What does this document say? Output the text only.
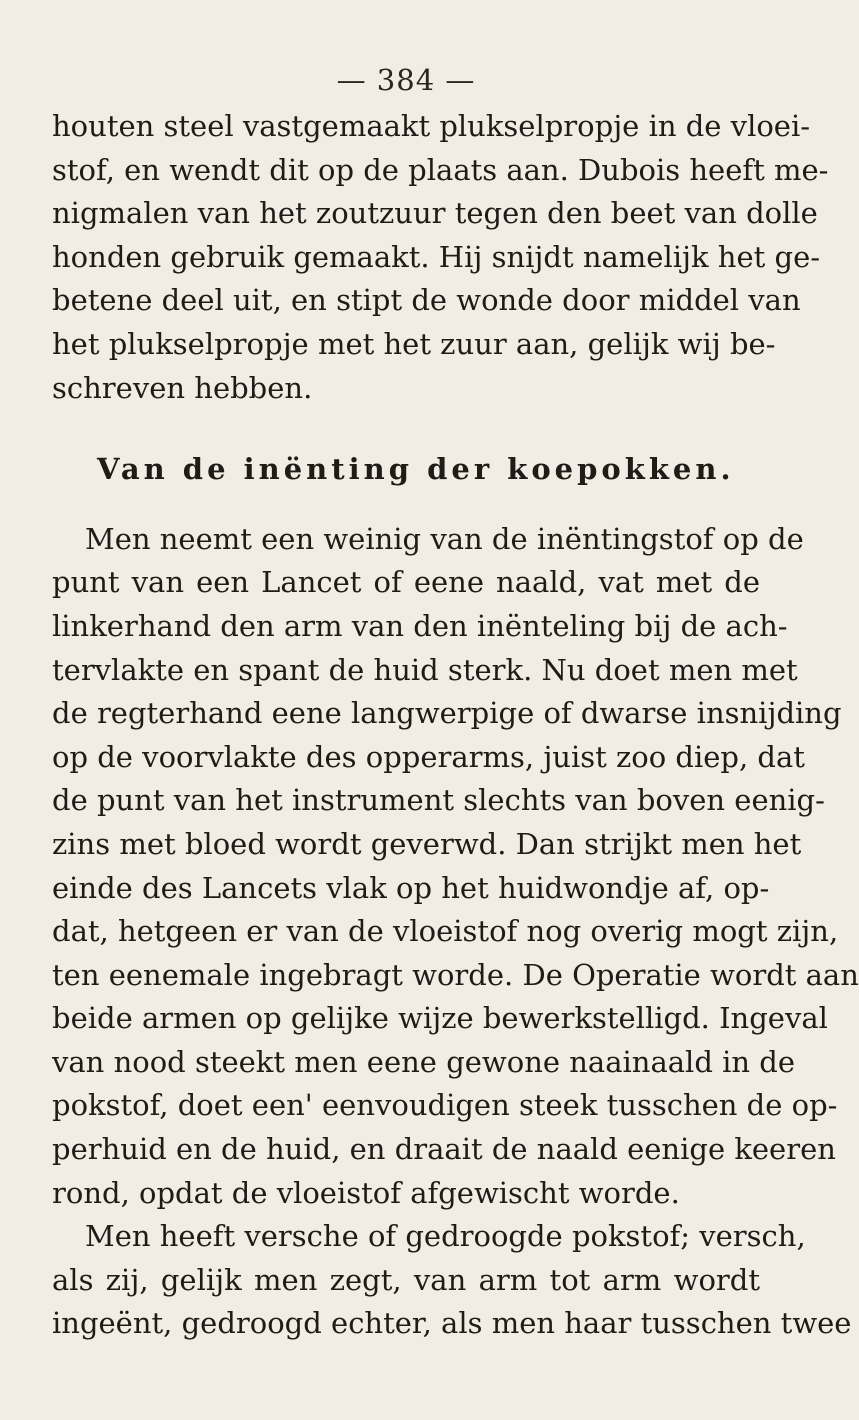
— 384 —
houten steel vastgemaakt plukselpropje in de vloei-
stof, en wendt dit op de plaats aan. Dubois heeft me-
nigmalen van het zoutzuur tegen den beet van dolle
honden gebruik gemaakt. Hij snijdt namelijk het ge-
betene deel uit, en stipt de wonde door middel van
het plukselpropje met het zuur aan, gelijk wij be-
schreven hebben.
Van de inënting der koepokken.
Men neemt een weinig van de inëntingstof op de
punt van een Lancet of eene naald, vat met de
linkerhand den arm van den inënteling bij de ach-
tervlakte en spant de huid sterk. Nu doet men met
de regterhand eene langwerpige of dwarse insnijding
op de voorvlakte des opperarms, juist zoo diep, dat
de punt van het instrument slechts van boven eenig-
zins met bloed wordt geverwd. Dan strijkt men het
einde des Lancets vlak op het huidwondje af, op-
dat, hetgeen er van de vloeistof nog overig mogt zijn,
ten eenemale ingebragt worde. De Operatie wordt aan
beide armen op gelijke wijze bewerkstelligd. Ingeval
van nood steekt men eene gewone naainaald in de
pokstof, doet een' eenvoudigen steek tusschen de op-
perhuid en de huid, en draait de naald eenige keeren
rond, opdat de vloeistof afgewischt worde.
Men heeft versche of gedroogde pokstof; versch,
als zij, gelijk men zegt, van arm tot arm wordt
ingeënt, gedroogd echter, als men haar tusschen twee
